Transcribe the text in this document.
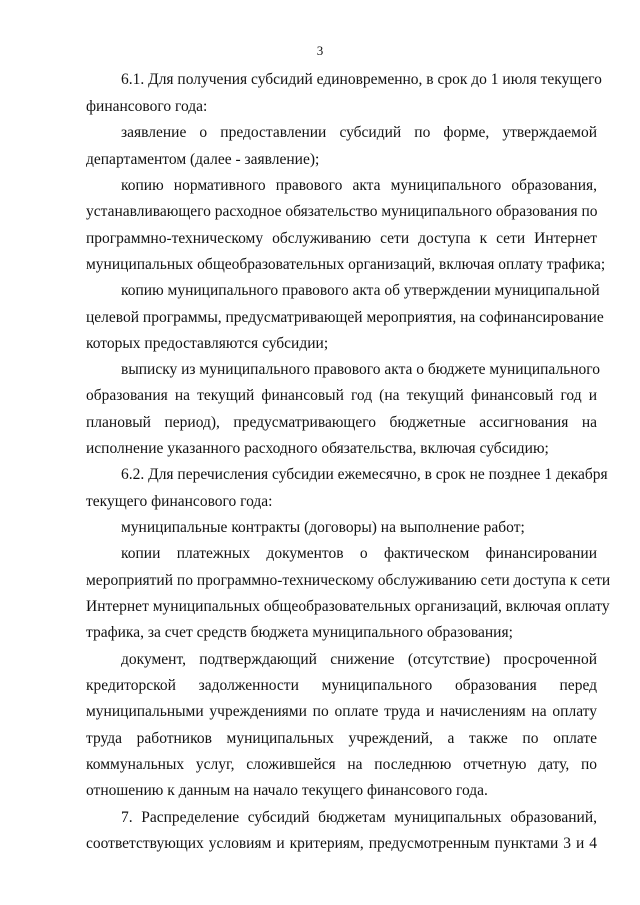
3
6.1. Для получения субсидий единовременно, в срок до 1 июля текущего
финансового года:
заявление о предоставлении субсидий по форме, утверждаемой
департаментом (далее - заявление);
копию нормативного правового акта муниципального образования,
устанавливающего расходное обязательство муниципального образования по
программно-техническому обслуживанию сети доступа к сети Интернет
муниципальных общеобразовательных организаций, включая оплату трафика;
копию муниципального правового акта об утверждении муниципальной
целевой программы, предусматривающей мероприятия, на софинансирование
которых предоставляются субсидии;
выписку из муниципального правового акта о бюджете муниципального
образования на текущий финансовый год (на текущий финансовый год и
плановый период), предусматривающего бюджетные ассигнования на
исполнение указанного расходного обязательства, включая субсидию;
6.2. Для перечисления субсидии ежемесячно, в срок не позднее 1 декабря
текущего финансового года:
муниципальные контракты (договоры) на выполнение работ;
копии платежных документов о фактическом финансировании
мероприятий по программно-техническому обслуживанию сети доступа к сети
Интернет муниципальных общеобразовательных организаций, включая оплату
трафика, за счет средств бюджета муниципального образования;
документ, подтверждающий снижение (отсутствие) просроченной
кредиторской задолженности муниципального образования перед
муниципальными учреждениями по оплате труда и начислениям на оплату
труда работников муниципальных учреждений, а также по оплате
коммунальных услуг, сложившейся на последнюю отчетную дату, по
отношению к данным на начало текущего финансового года.
7. Распределение субсидий бюджетам муниципальных образований,
соответствующих условиям и критериям, предусмотренным пунктами 3 и 4
